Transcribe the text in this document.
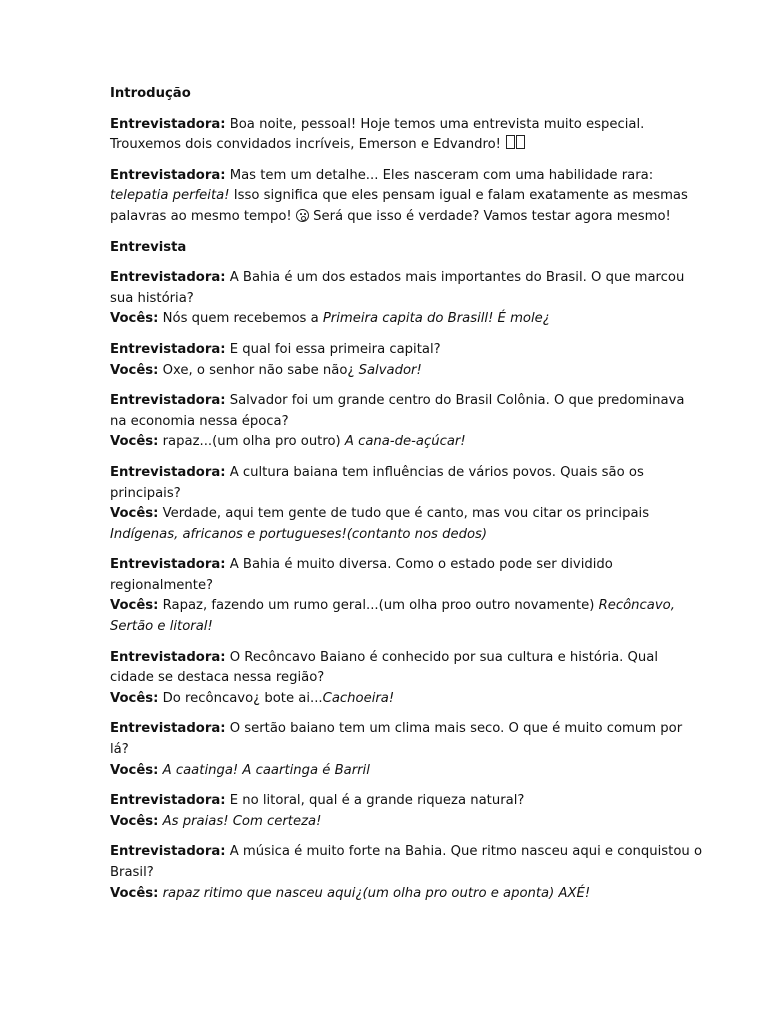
Introdução
Entrevistadora: Boa noite, pessoal! Hoje temos uma entrevista muito especial.
Trouxemos dois convidados incríveis, Emerson e Edvandro!
Entrevistadora: Mas tem um detalhe... Eles nasceram com uma habilidade rara:
telepatia perfeita! Isso significa que eles pensam igual e falam exatamente as mesmas
palavras ao mesmo tempo!  Será que isso é verdade? Vamos testar agora mesmo!
Entrevista
Entrevistadora: A Bahia é um dos estados mais importantes do Brasil. O que marcou
sua história?
Vocês: Nós quem recebemos a Primeira capita do Brasill! É mole¿
Entrevistadora: E qual foi essa primeira capital?
Vocês: Oxe, o senhor não sabe não¿ Salvador!
Entrevistadora: Salvador foi um grande centro do Brasil Colônia. O que predominava
na economia nessa época?
Vocês: rapaz...(um olha pro outro) A cana-de-açúcar!
Entrevistadora: A cultura baiana tem influências de vários povos. Quais são os
principais?
Vocês: Verdade, aqui tem gente de tudo que é canto, mas vou citar os principais
Indígenas, africanos e portugueses!(contanto nos dedos)
Entrevistadora: A Bahia é muito diversa. Como o estado pode ser dividido
regionalmente?
Vocês: Rapaz, fazendo um rumo geral...(um olha proo outro novamente) Recôncavo,
Sertão e litoral!
Entrevistadora: O Recôncavo Baiano é conhecido por sua cultura e história. Qual
cidade se destaca nessa região?
Vocês: Do recôncavo¿ bote ai...Cachoeira!
Entrevistadora: O sertão baiano tem um clima mais seco. O que é muito comum por
lá?
Vocês: A caatinga! A caartinga é Barril
Entrevistadora: E no litoral, qual é a grande riqueza natural?
Vocês: As praias! Com certeza!
Entrevistadora: A música é muito forte na Bahia. Que ritmo nasceu aqui e conquistou o
Brasil?
Vocês: rapaz ritimo que nasceu aqui¿(um olha pro outro e aponta) AXÉ!
